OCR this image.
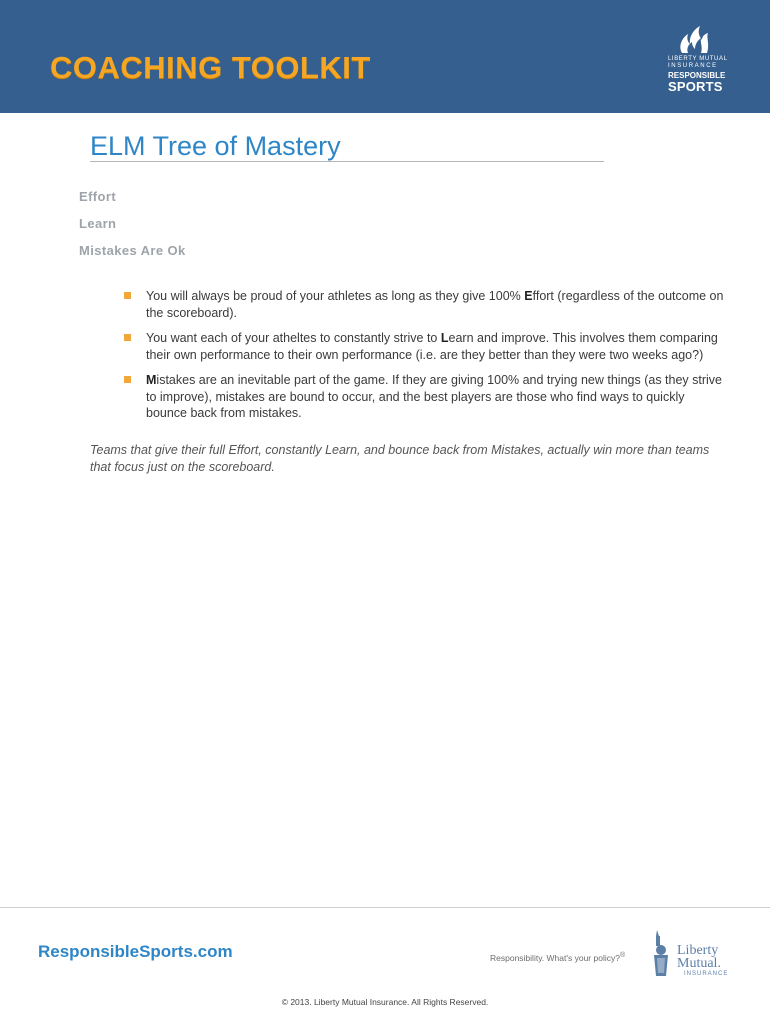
COACHING TOOLKIT	LIBERTY MUTUAL
INSURANCE
RESPONSIBLE
SPORTS
ELM Tree of Mastery

Effort

Learn

Mistakes Are Ok

You will always be proud of your athletes as long as they give 100% Effort (regardless of the outcome on the scoreboard).
You want each of your atheltes to constantly strive to Learn and improve. This involves them comparing their own performance to their own performance (i.e. are they better than they were two weeks ago?)
Mistakes are an inevitable part of the game. If they are giving 100% and trying new things (as they strive to improve), mistakes are bound to occur, and the best players are those who find ways to quickly bounce back from mistakes.

Teams that give their full Effort, constantly Learn, and bounce back from Mistakes, actually win more than teams that focus just on the scoreboard.

ResponsibleSports.com	Responsibility. What's your policy?®	Liberty
Mutual.
INSURANCE
© 2013. Liberty Mutual Insurance. All Rights Reserved.
